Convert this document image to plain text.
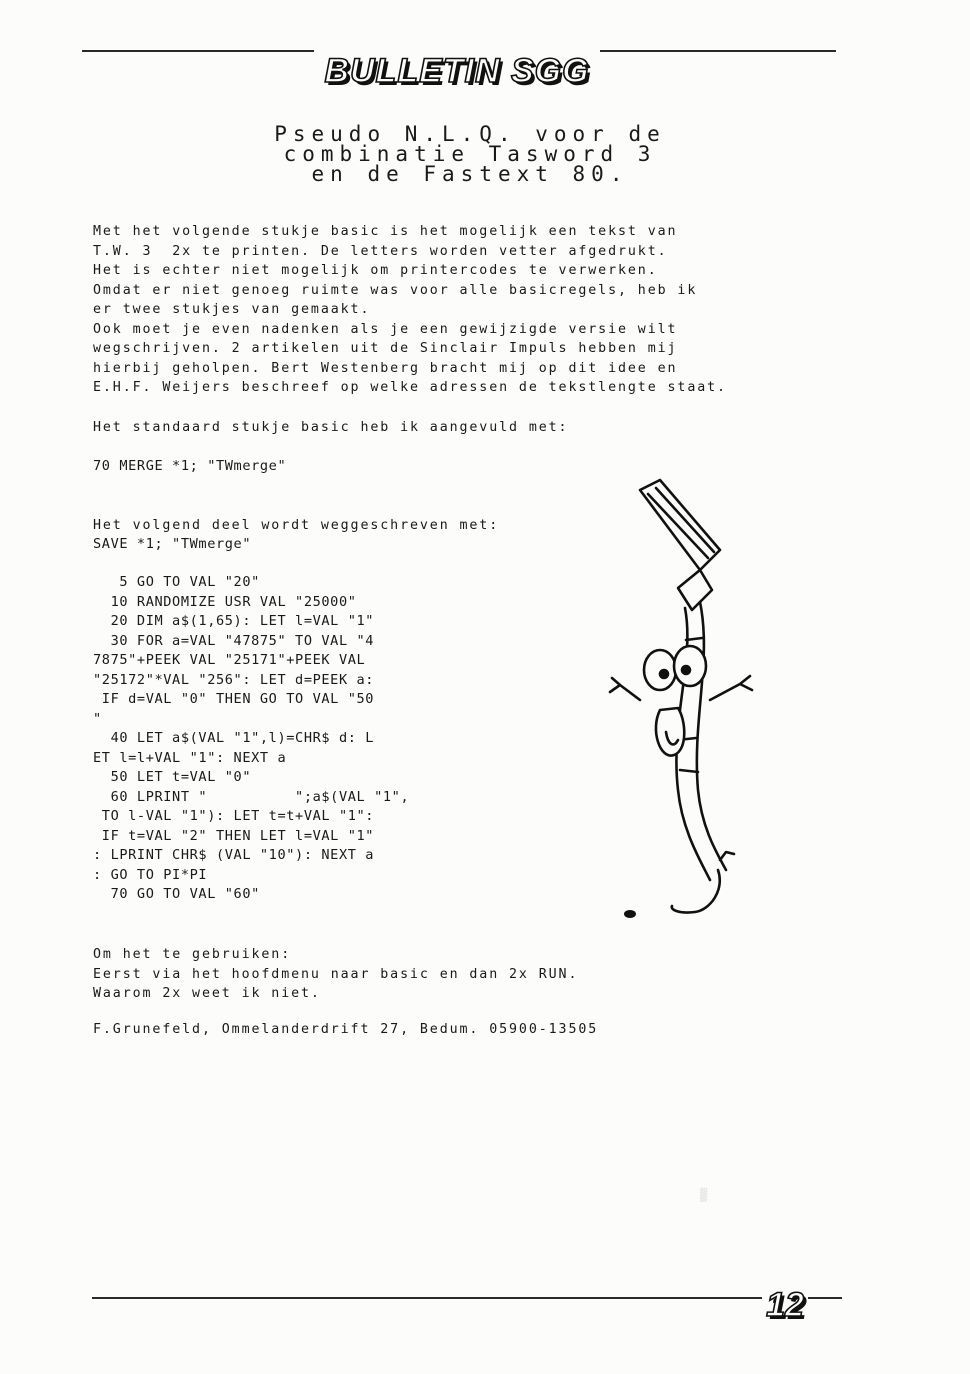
▒
BULLETIN SGG
Pseudo N.L.Q. voor de
combinatie Tasword 3
en de Fastext 80.
Met het volgende stukje basic is het mogelijk een tekst van
T.W. 3  2x te printen. De letters worden vetter afgedrukt.
Het is echter niet mogelijk om printercodes te verwerken.
Omdat er niet genoeg ruimte was voor alle basicregels, heb ik
er twee stukjes van gemaakt.
Ook moet je even nadenken als je een gewijzigde versie wilt
wegschrijven. 2 artikelen uit de Sinclair Impuls hebben mij
hierbij geholpen. Bert Westenberg bracht mij op dit idee en
E.H.F. Weijers beschreef op welke adressen de tekstlengte staat.
Het standaard stukje basic heb ik aangevuld met:
70 MERGE *1; "TWmerge"
Het volgend deel wordt weggeschreven met:
SAVE *1; "TWmerge"
5 GO TO VAL "20"
10 RANDOMIZE USR VAL "25000"
20 DIM a$(1,65): LET l=VAL "1"
30 FOR a=VAL "47875" TO VAL "4
7875"+PEEK VAL "25171"+PEEK VAL
"25172"*VAL "256": LET d=PEEK a:
IF d=VAL "0" THEN GO TO VAL "50
"
40 LET a$(VAL "1",l)=CHR$ d: L
ET l=l+VAL "1": NEXT a
50 LET t=VAL "0"
60 LPRINT "          ";a$(VAL "1",
TO l-VAL "1"): LET t=t+VAL "1":
IF t=VAL "2" THEN LET l=VAL "1"
: LPRINT CHR$ (VAL "10"): NEXT a
: GO TO PI*PI
70 GO TO VAL "60"
Om het te gebruiken:
Eerst via het hoofdmenu naar basic en dan 2x RUN.
Waarom 2x weet ik niet.
F.Grunefeld, Ommelanderdrift 27, Bedum. 05900-13505
12
